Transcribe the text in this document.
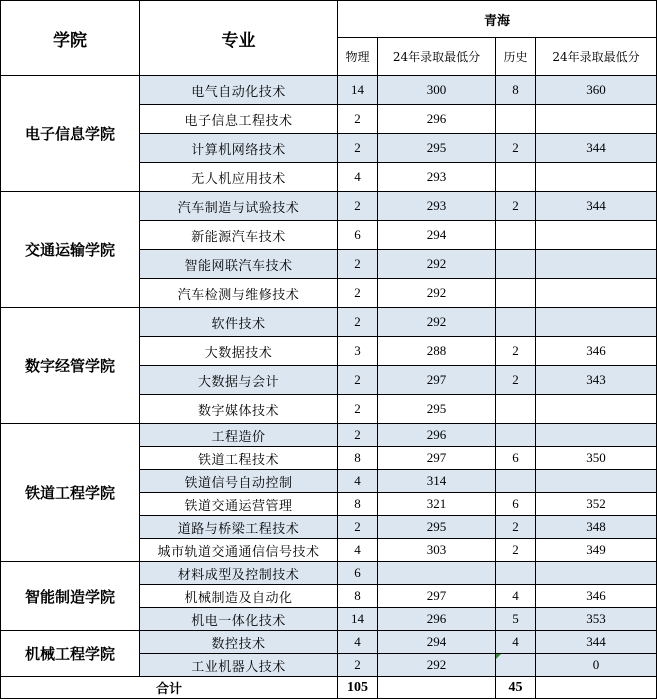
学院	专业	青海			
		物理	24年录取最低分	历史	24年录取最低分
电子信息学院	电气自动化技术	14	300	8	360
	电子信息工程技术	2	296		
	计算机网络技术	2	295	2	344
	无人机应用技术	4	293		
交通运输学院	汽车制造与试验技术	2	293	2	344
	新能源汽车技术	6	294		
	智能网联汽车技术	2	292		
	汽车检测与维修技术	2	292		
数字经管学院	软件技术	2	292		
	大数据技术	3	288	2	346
	大数据与会计	2	297	2	343
	数字媒体技术	2	295		
铁道工程学院	工程造价	2	296		
	铁道工程技术	8	297	6	350
	铁道信号自动控制	4	314		
	铁道交通运营管理	8	321	6	352
	道路与桥梁工程技术	2	295	2	348
	城市轨道交通通信信号技术	4	303	2	349
智能制造学院	材料成型及控制技术	6			
	机械制造及自动化	8	297	4	346
	机电一体化技术	14	296	5	353
机械工程学院	数控技术	4	294	4	344
	工业机器人技术	2	292		0
合计		105		45	
